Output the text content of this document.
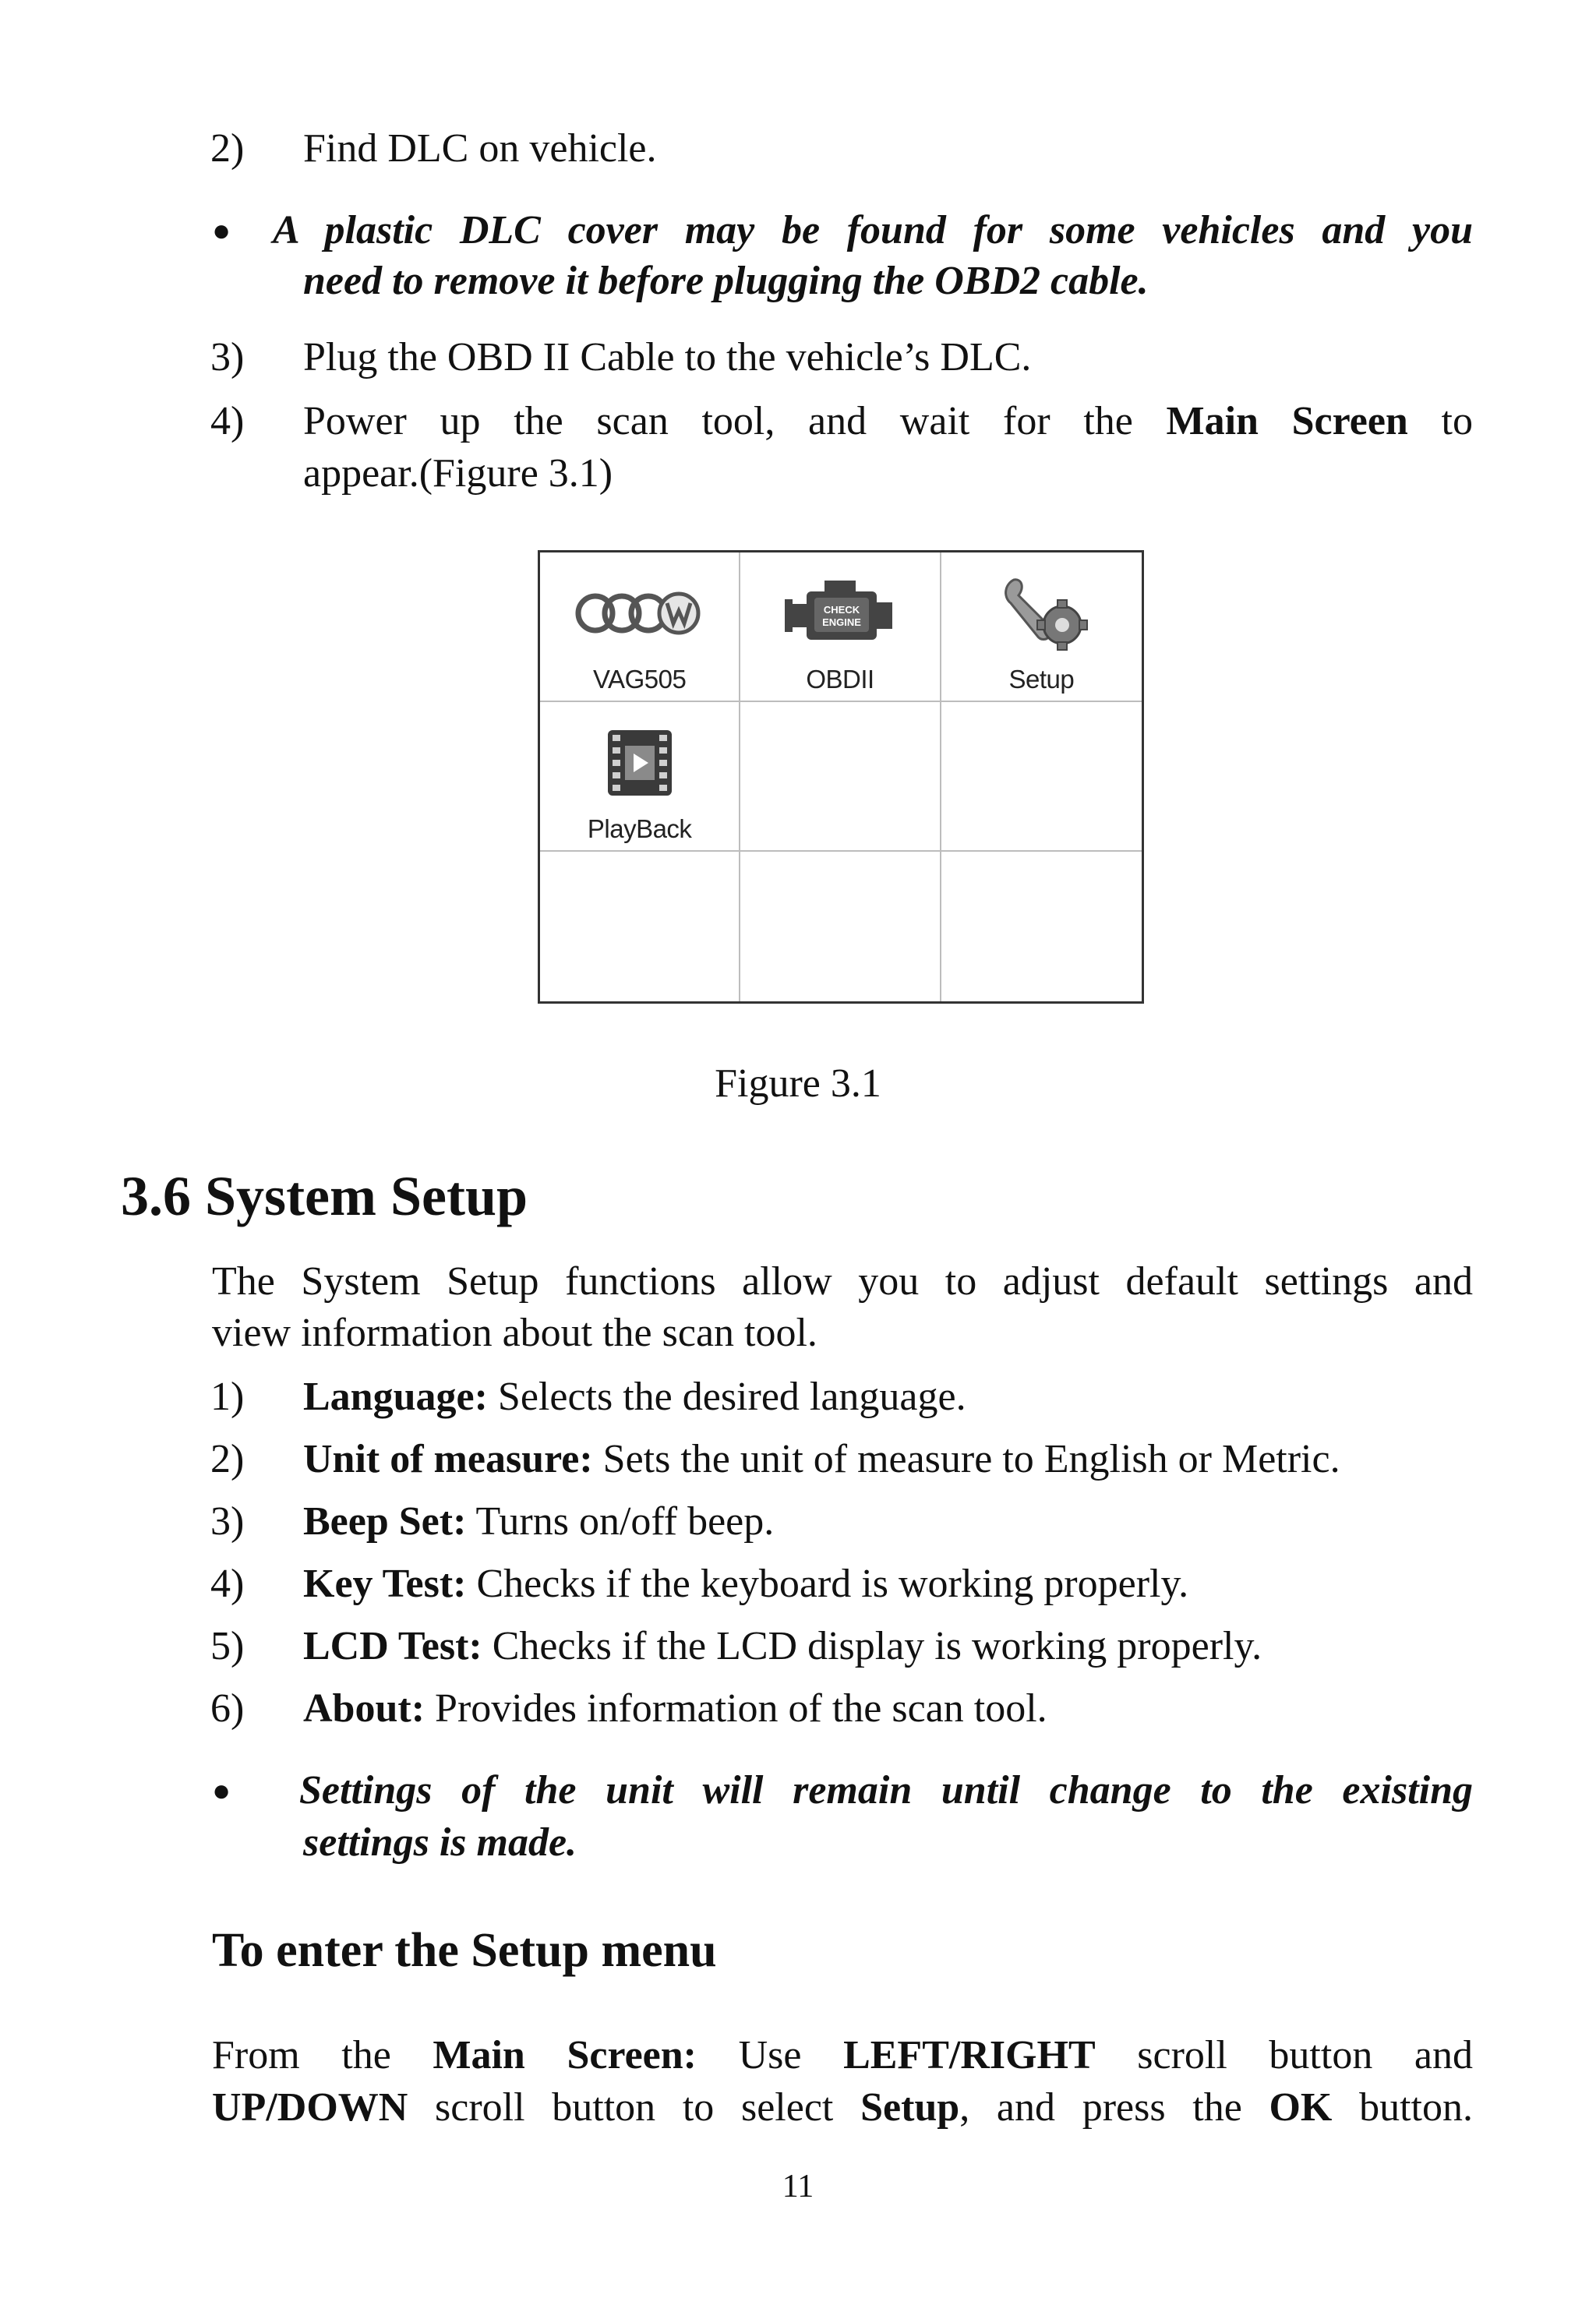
2) Find DLC on vehicle.
● A plastic DLC cover may be found for some vehicles and you
need to remove it before plugging the OBD2 cable.
3) Plug the OBD II Cable to the vehicle’s DLC.
4) Power up the scan tool, and wait for the Main Screen to
appear.(Figure 3.1)
VAG505
CHECK
ENGINE
OBDII	Setup
PlayBack
Figure 3.1
3.6 System Setup
The System Setup functions allow you to adjust default settings and
view information about the scan tool.
1) Language: Selects the desired language.
2) Unit of measure: Sets the unit of measure to English or Metric.
3) Beep Set: Turns on/off beep.
4) Key Test: Checks if the keyboard is working properly.
5) LCD Test: Checks if the LCD display is working properly.
6) About: Provides information of the scan tool.
● Settings of the unit will remain until change to the existing
settings is made.
To enter the Setup menu
From the Main Screen: Use LEFT/RIGHT scroll button and
UP/DOWN scroll button to select Setup, and press the OK button.
11
